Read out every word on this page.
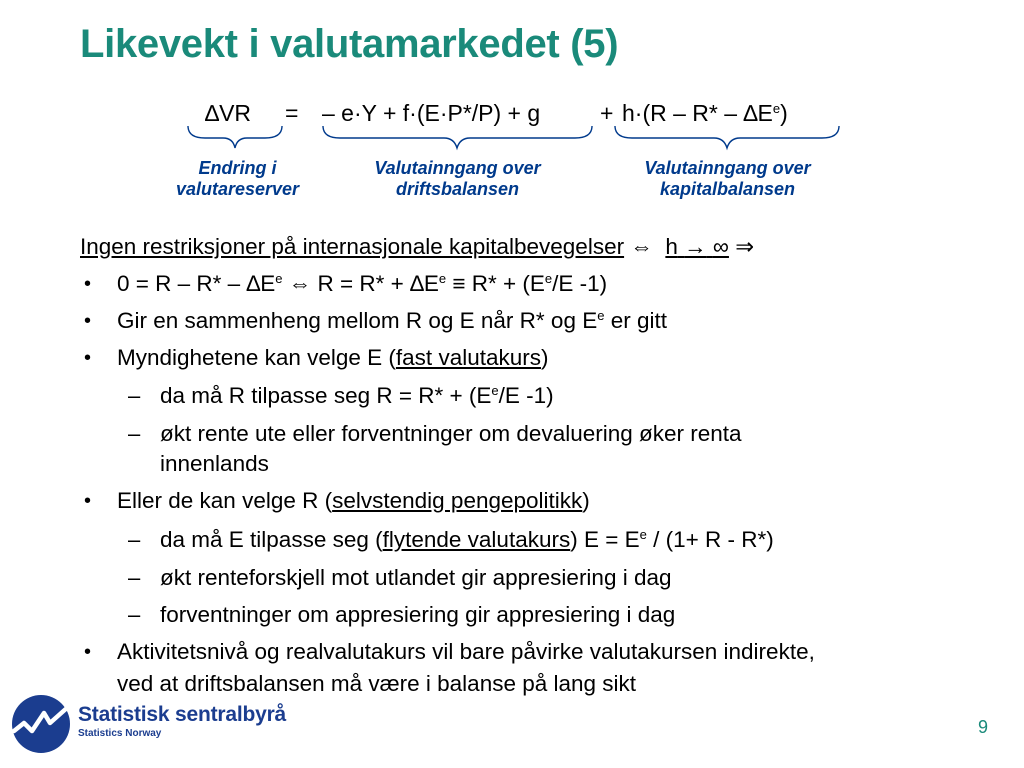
Likevekt i valutamarkedet (5)
∆VR = – e·Y + f·(E·P*/P) + g	+ $h\cdot(R - R* - \Delta E^e)$
Endring i
valutareserver
Valutainngang over
driftsbalansen
Valutainngang over
kapitalbalansen
Ingen restriksjoner på internasjonale kapitalbevegelser ⇔ h → ∞ ⇒
• $0 = R - R* - \Delta E^e$ ⇔ $R = R* + \Delta E^e \equiv R* + (E^e/E$ -1)
• Gir en sammenheng mellom R og E når R* og $E^e$ er gitt
• Myndighetene kan velge E (fast valutakurs)
– da må R tilpasse seg $R = R* + (E^e/E$ -1)
– økt rente ute eller forventninger om devaluering øker renta
innenlands
• Eller de kan velge R (selvstendig pengepolitikk)
– da må E tilpasse seg (flytende valutakurs) $E = E^e / (1+ R - R*)$
– økt renteforskjell mot utlandet gir appresiering i dag
– forventninger om appresiering gir appresiering i dag
• Aktivitetsnivå og realvalutakurs vil bare påvirke valutakursen indirekte,
ved at driftsbalansen må være i balanse på lang sikt
Statistisk sentralbyrå
Statistics Norway	9
